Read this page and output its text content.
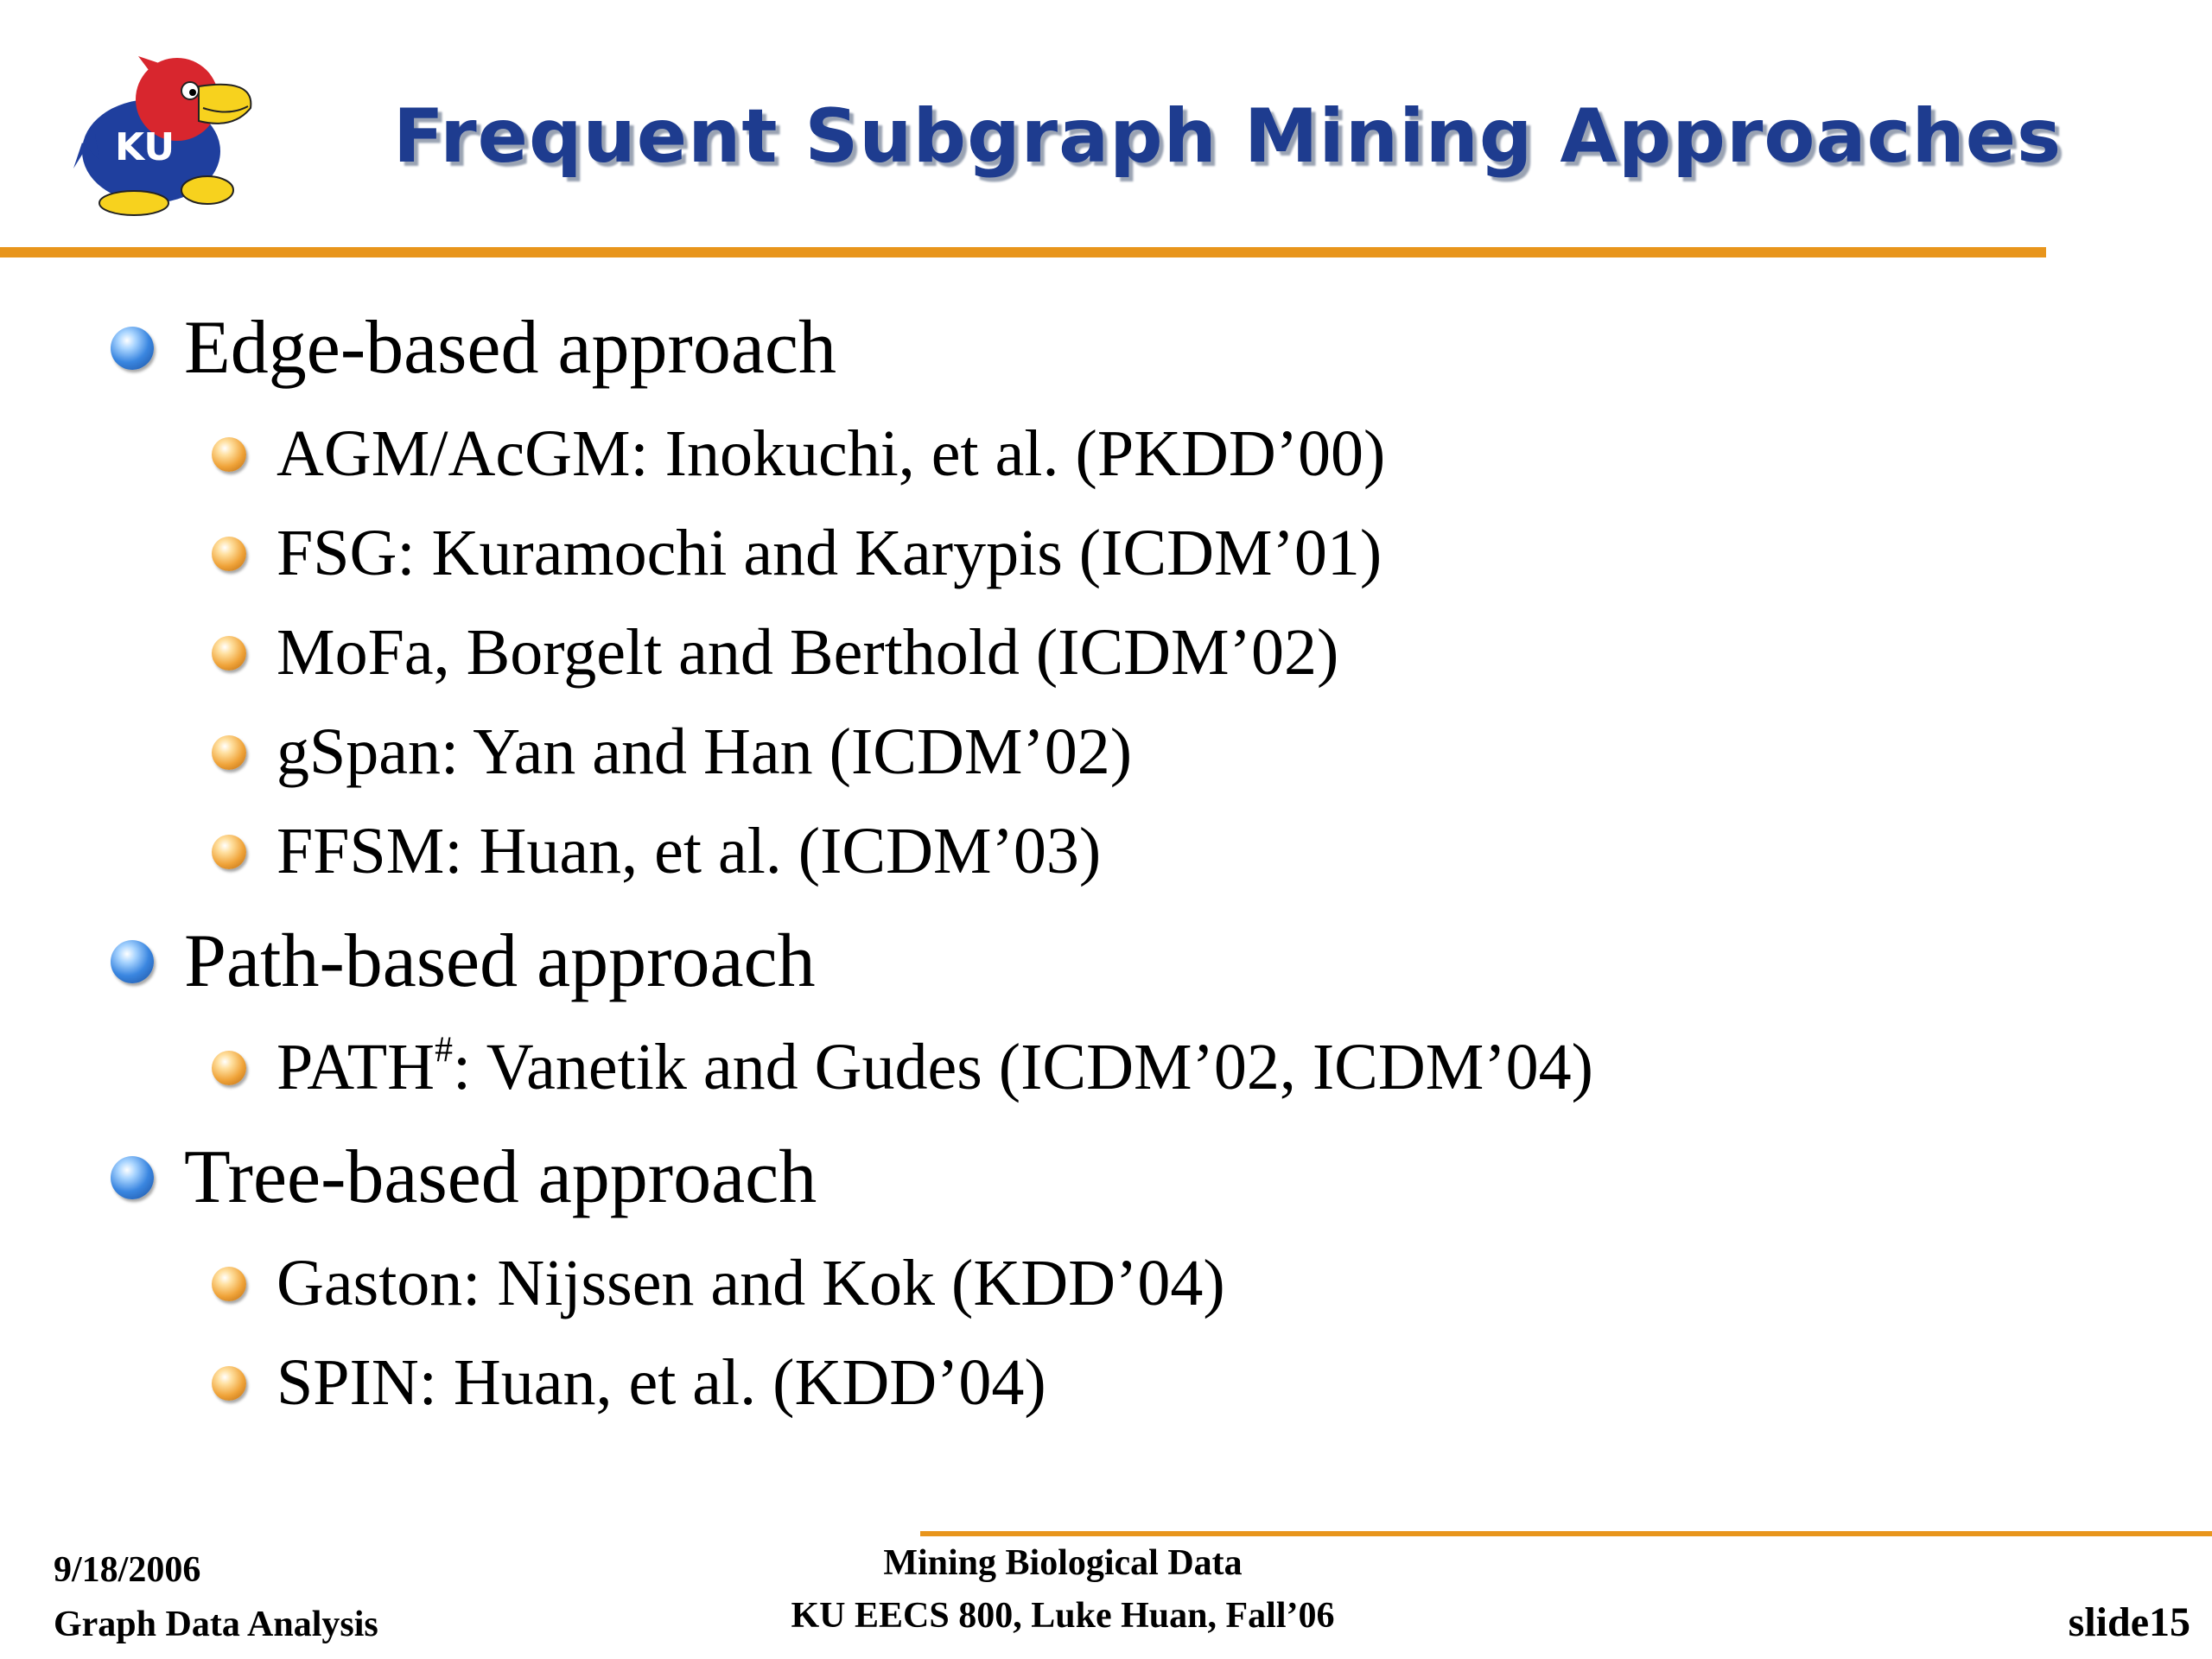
KU	Frequent Subgraph Mining Approaches
Edge-based approach
AGM/AcGM: Inokuchi, et al. (PKDD’00)
FSG: Kuramochi and Karypis (ICDM’01)
MoFa, Borgelt and Berthold (ICDM’02)
gSpan: Yan and Han (ICDM’02)
FFSM: Huan, et al. (ICDM’03)
Path-based approach
PATH#: Vanetik and Gudes (ICDM’02, ICDM’04)
Tree-based approach
Gaston: Nijssen and Kok (KDD’04)
SPIN: Huan, et al. (KDD’04)
9/18/2006
Graph Data Analysis
Mining Biological Data
KU EECS 800, Luke Huan, Fall’06	slide15
